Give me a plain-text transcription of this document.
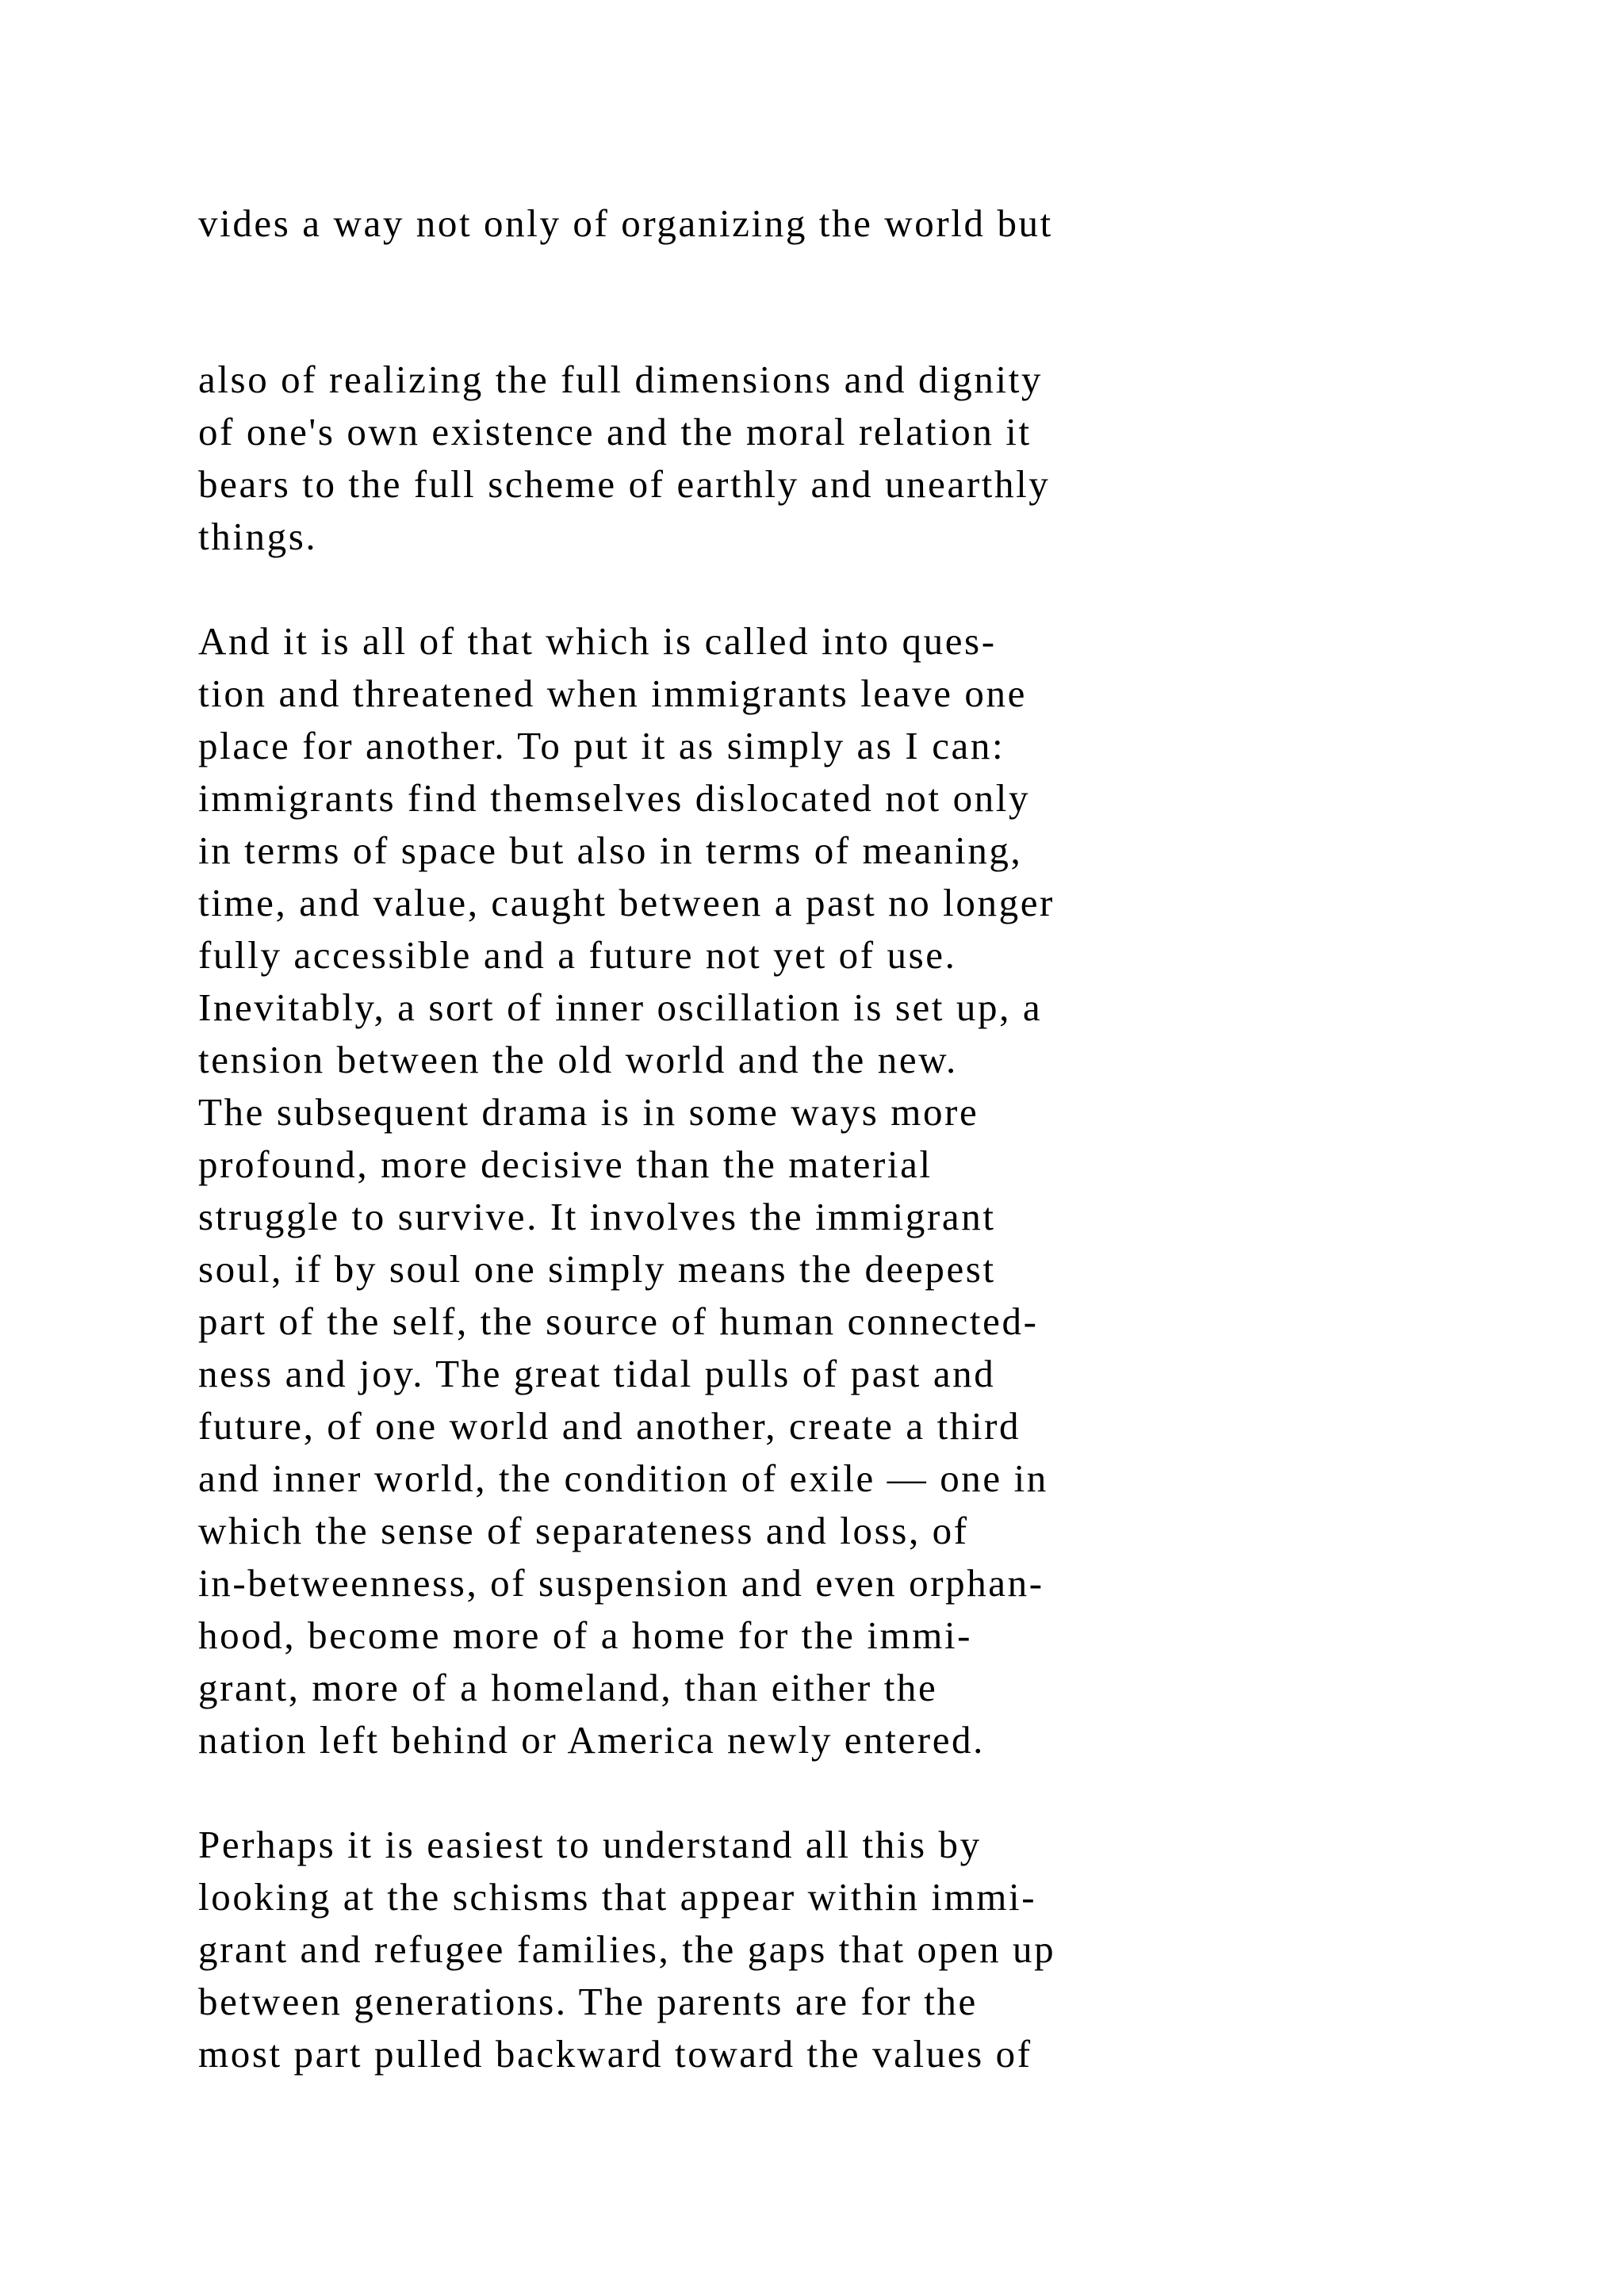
vides a way not only of organizing the world but
also of realizing the full dimensions and dignity
of one's own existence and the moral relation it
bears to the full scheme of earthly and unearthly
things.
And it is all of that which is called into ques-
tion and threatened when immigrants leave one
place for another. To put it as simply as I can:
immigrants find themselves dislocated not only
in terms of space but also in terms of meaning,
time, and value, caught between a past no longer
fully accessible and a future not yet of use.
Inevitably, a sort of inner oscillation is set up, a
tension between the old world and the new.
The subsequent drama is in some ways more
profound, more decisive than the material
struggle to survive. It involves the immigrant
soul, if by soul one simply means the deepest
part of the self, the source of human connected-
ness and joy. The great tidal pulls of past and
future, of one world and another, create a third
and inner world, the condition of exile — one in
which the sense of separateness and loss, of
in-betweenness, of suspension and even orphan-
hood, become more of a home for the immi-
grant, more of a homeland, than either the
nation left behind or America newly entered.
Perhaps it is easiest to understand all this by
looking at the schisms that appear within immi-
grant and refugee families, the gaps that open up
between generations. The parents are for the
most part pulled backward toward the values of
